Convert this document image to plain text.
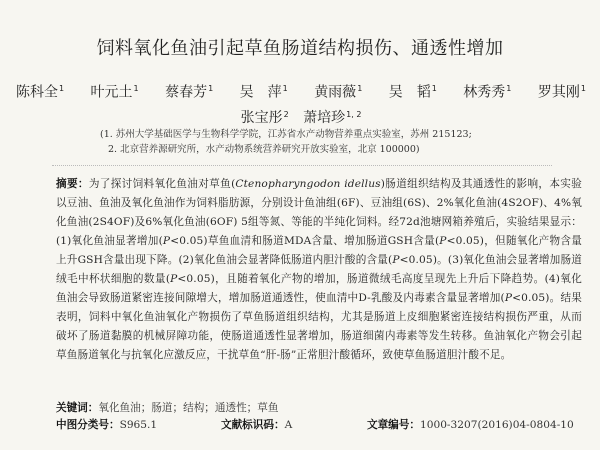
饲料氧化鱼油引起草鱼肠道结构损伤、通透性增加
陈科全$^1$ 叶元土$^1$ 蔡春芳$^1$ 吴　萍$^1$ 黄雨薇$^1$ 吴　韬$^1$ 林秀秀$^1$ 罗其刚$^1$
张宝彤$^2$ 萧培珍$^{1, 2}$
(1. 苏州大学基础医学与生物科学学院，江苏省水产动物营养重点实验室，苏州 215123;
2. 北京营养源研究所，水产动物系统营养研究开放实验室，北京 100000)
摘要：为了探讨饲料氧化鱼油对草鱼(Ctenopharyngodon idellus)肠道组织结构及其通透性的影响，本实验以豆油、鱼油及氧化鱼油作为饲料脂肪源，分别设计鱼油组(6F)、豆油组(6S)、2%氧化鱼油(4S2OF)、4%氧化鱼油(2S4OF)及6%氧化鱼油(6OF) 5组等氮、等能的半纯化饲料。经72d池塘网箱养殖后，实验结果显示：(1)氧化鱼油显著增加(P<0.05)草鱼血清和肠道MDA含量、增加肠道GSH含量(P<0.05)，但随氧化产物含量上升GSH含量出现下降。(2)氧化鱼油会显著降低肠道内胆汁酸的含量(P<0.05)。(3)氧化鱼油会显著增加肠道绒毛中杯状细胞的数量(P<0.05)，且随着氧化产物的增加，肠道微绒毛高度呈现先上升后下降趋势。(4)氧化鱼油会导致肠道紧密连接间隙增大，增加肠道通透性，使血清中D-乳酸及内毒素含量显著增加(P<0.05)。结果表明，饲料中氧化鱼油氧化产物损伤了草鱼肠道组织结构，尤其是肠道上皮细胞紧密连接结构损伤严重，从而破坏了肠道黏膜的机械屏障功能，使肠道通透性显著增加，肠道细菌内毒素等发生转移。鱼油氧化产物会引起草鱼肠道氧化与抗氧化应激反应，干扰草鱼“肝-肠”正常胆汁酸循环，致使草鱼肠道胆汁酸不足。
关键词：氧化鱼油；肠道；结构；通透性；草鱼
中图分类号：S965.1	文献标识码：A	文章编号：1000-3207(2016)04-0804-10
